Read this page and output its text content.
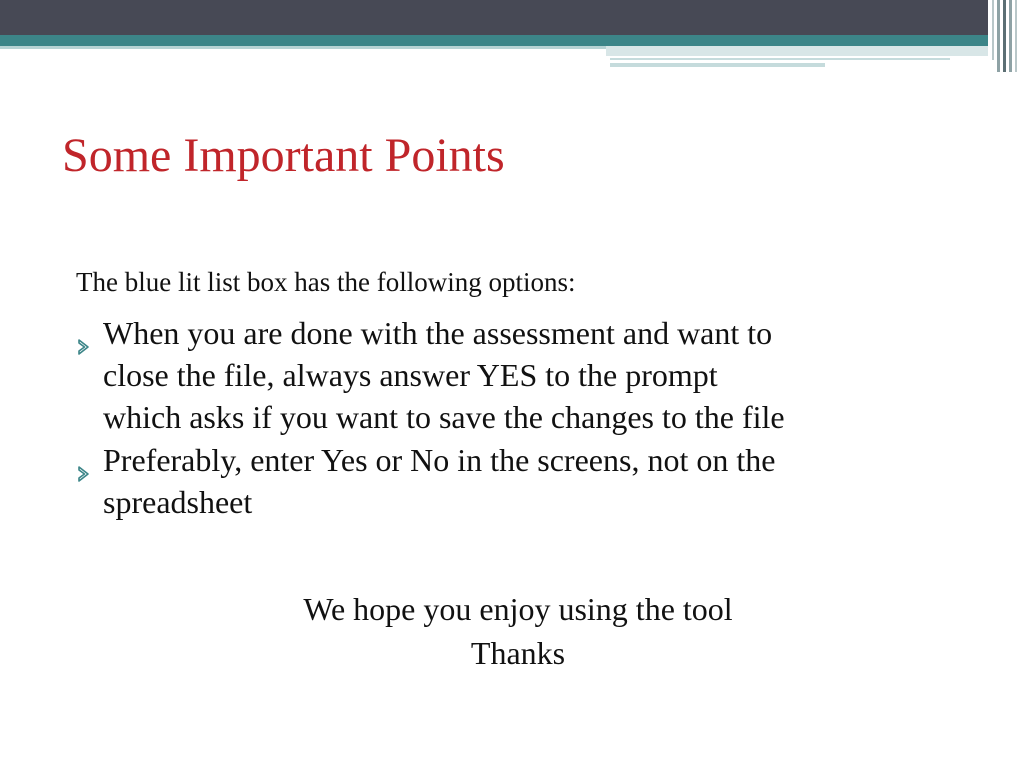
Some Important Points

The blue lit list box has the following options:

When you are done with the assessment and want to
close the file, always answer YES to the prompt
which asks if you want to save the changes to the file
Preferably, enter Yes or No in the screens, not on the
spreadsheet
We hope you enjoy using the tool
Thanks
